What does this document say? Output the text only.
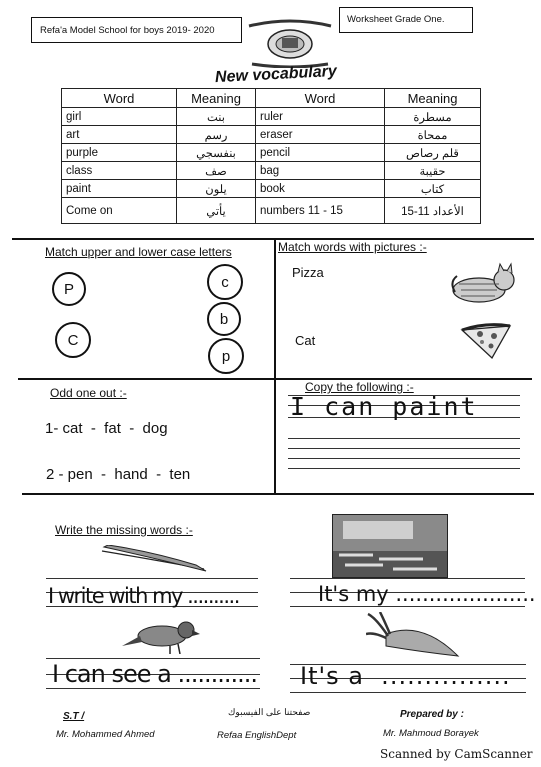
Refa'a Model School for boys 2019- 2020
Worksheet Grade One.
New vocabulary
Word	Meaning	Word	Meaning
girl	بنت	ruler	مسطرة
art	رسم	eraser	ممحاة
purple	بنفسجي	pencil	قلم رصاص
class	صف	bag	حقيبة
paint	يلون	book	كتاب
Come on	يأتي	numbers 11 - 15	الأعداد 11-15
Match upper and lower case letters
P
C
c
b
p
Match words with pictures :-
Pizza
Cat
Odd one out :-
1- cat  -  fat  -  dog
2 - pen  -  hand  -  ten
Copy the following :-
I can paint
Write the missing words :-
I write with my ..........	It's my .....................
I can see a ............ It's a  ...............
S.T /
Mr. Mohammed Ahmed
صفحتنا على الفيسبوك
Refaa EnglishDept
Prepared by :
Mr. Mahmoud Borayek
Scanned by CamScanner
